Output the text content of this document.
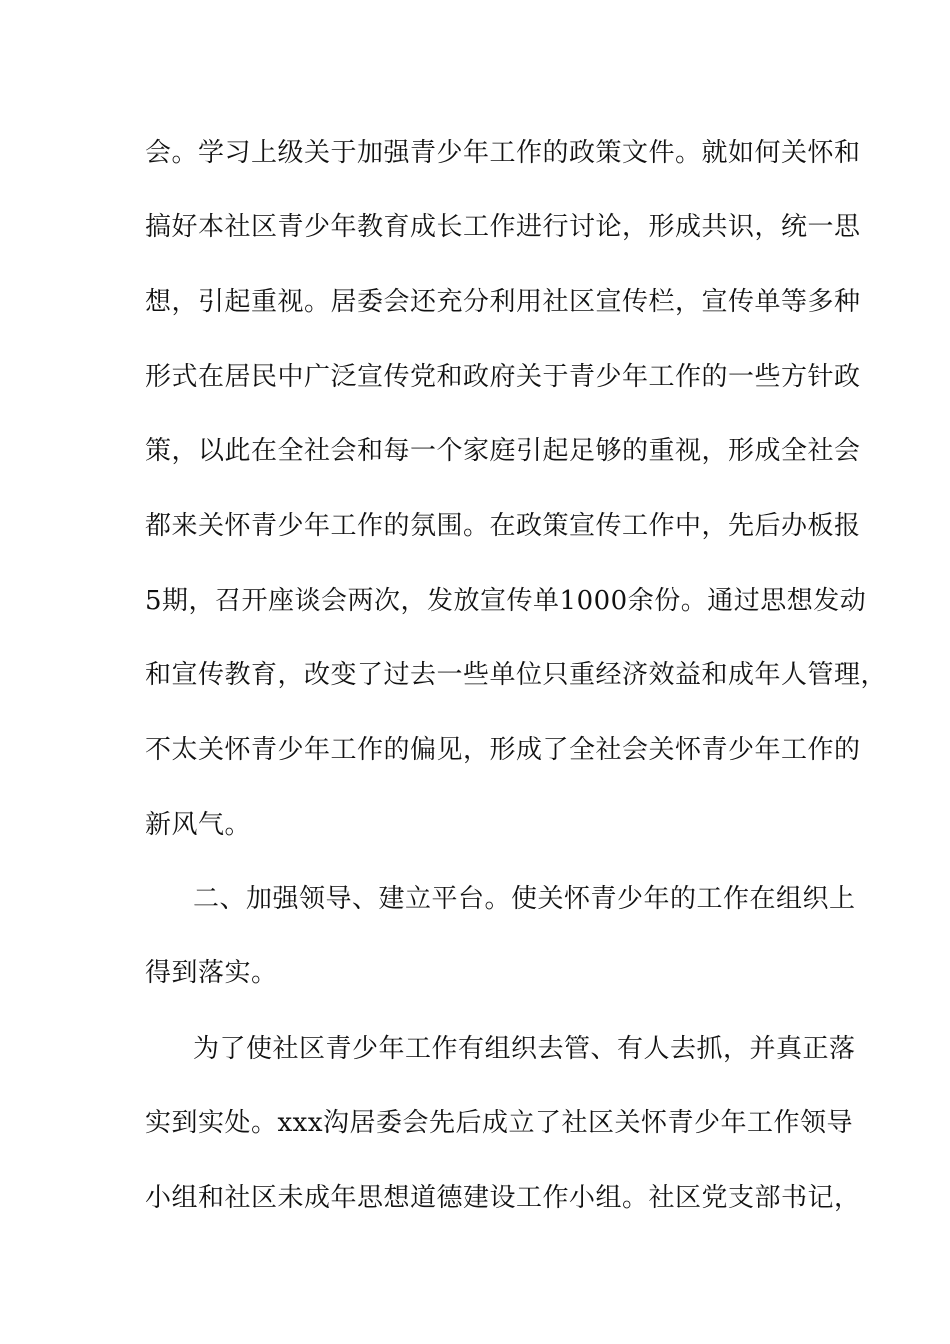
会。学习上级关于加强青少年工作的政策文件。就如何关怀和
搞好本社区青少年教育成长工作进行讨论，形成共识，统一思
想，引起重视。居委会还充分利用社区宣传栏，宣传单等多种
形式在居民中广泛宣传党和政府关于青少年工作的一些方针政
策，以此在全社会和每一个家庭引起足够的重视，形成全社会
都来关怀青少年工作的氛围。在政策宣传工作中，先后办板报
5期，召开座谈会两次，发放宣传单1000余份。通过思想发动
和宣传教育，改变了过去一些单位只重经济效益和成年人管理，
不太关怀青少年工作的偏见，形成了全社会关怀青少年工作的
新风气。
二、加强领导、建立平台。使关怀青少年的工作在组织上
得到落实。
为了使社区青少年工作有组织去管、有人去抓，并真正落
实到实处。xxx沟居委会先后成立了社区关怀青少年工作领导
小组和社区未成年思想道德建设工作小组。社区党支部书记，
